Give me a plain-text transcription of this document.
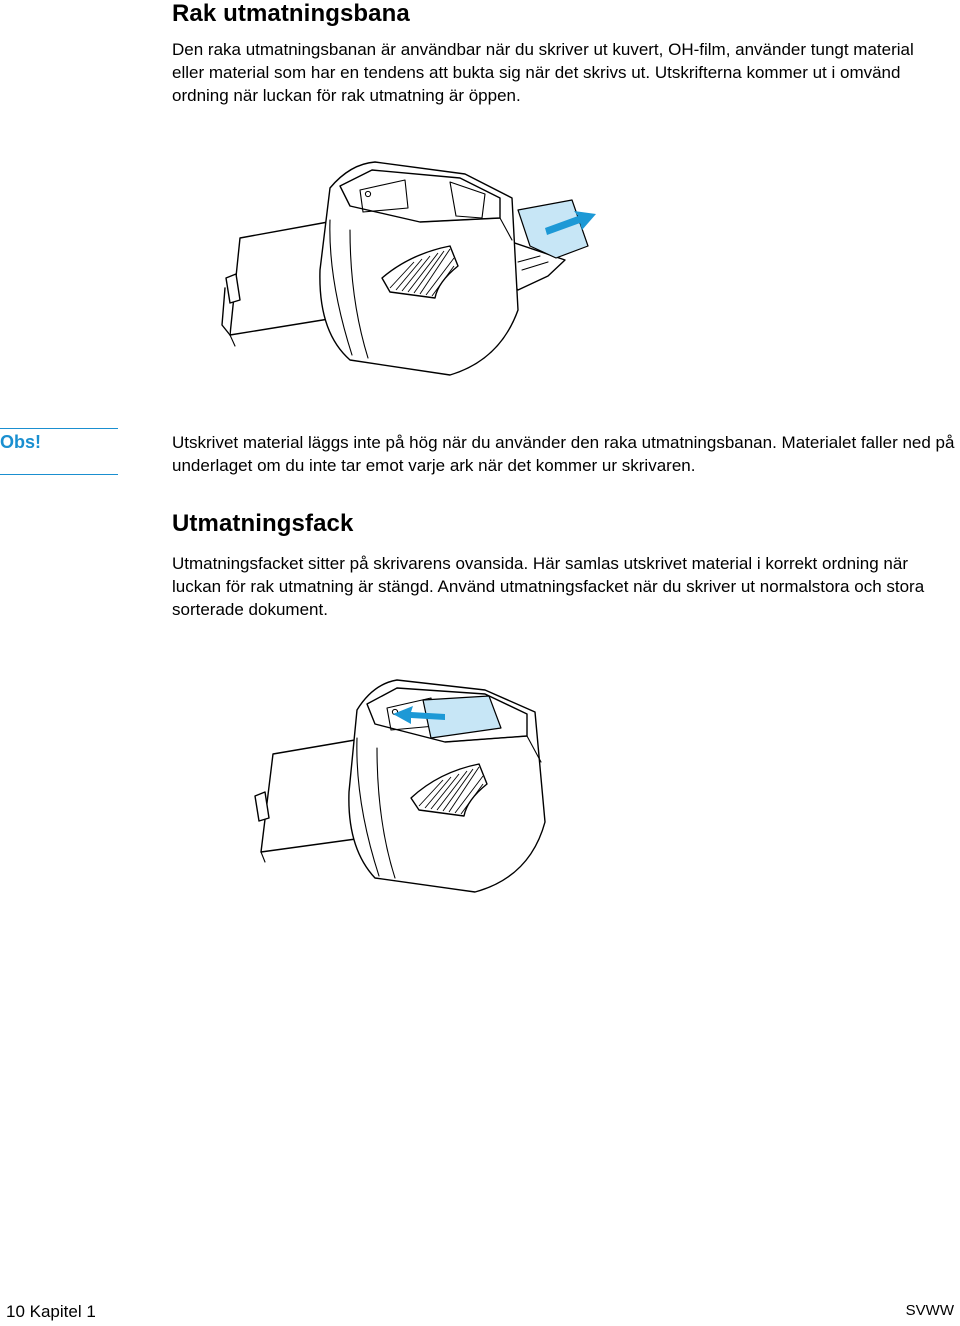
Rak utmatningsbana
Den raka utmatningsbanan är användbar när du skriver ut kuvert, OH-film, använder tungt material eller material som har en tendens att bukta sig när det skrivs ut. Utskrifterna kommer ut i omvänd ordning när luckan för rak utmatning är öppen.
Obs!	Utskrivet material läggs inte på hög när du använder den raka utmatningsbanan. Materialet faller ned på underlaget om du inte tar emot varje ark när det kommer ur skrivaren.
Utmatningsfack
Utmatningsfacket sitter på skrivarens ovansida. Här samlas utskrivet material i korrekt ordning när luckan för rak utmatning är stängd. Använd utmatningsfacket när du skriver ut normalstora och stora sorterade dokument.
10 Kapitel 1	SVWW
